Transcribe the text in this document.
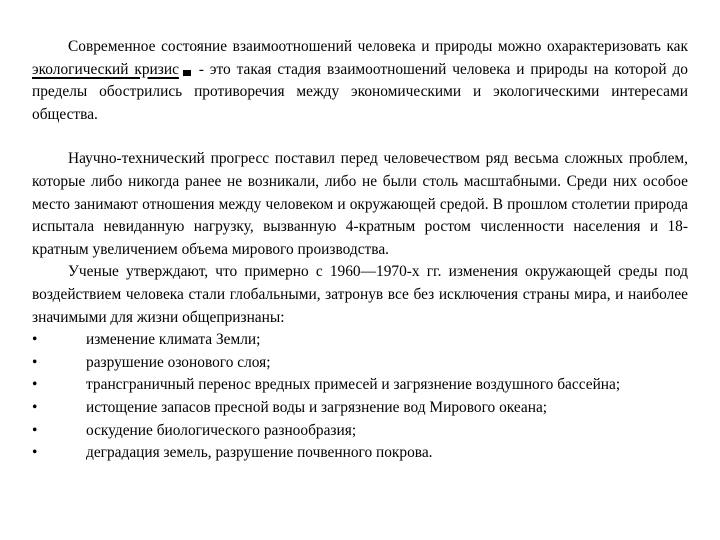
Современное состояние взаимоотношений человека и природы можно охарактеризовать как экологический кризис - это такая стадия взаимоотношений человека и природы на которой до пределы обострились противоречия между экономическими и экологическими интересами общества.

Научно-технический прогресс поставил перед человечеством ряд весьма сложных проблем, которые либо никогда ранее не возникали, либо не были столь масштабными. Среди них особое место занимают отношения между человеком и окружающей средой. В прошлом столетии природа испытала невиданную нагрузку, вызванную 4-кратным ростом численности населения и 18-кратным увеличением объема мирового производства.

Ученые утверждают, что примерно с 1960—1970-х гг. изменения окружающей среды под воздействием человека стали глобальными, затронув все без исключения страны мира, и наиболее значимыми для жизни общепризнаны:

•	изменение климата Земли;
•	разрушение озонового слоя;
•	трансграничный перенос вредных примесей и загрязнение воздушного бассейна;
•	истощение запасов пресной воды и загрязнение вод Мирового океана;
•	оскудение биологического разнообразия;
•	деградация земель, разрушение почвенного покрова.
